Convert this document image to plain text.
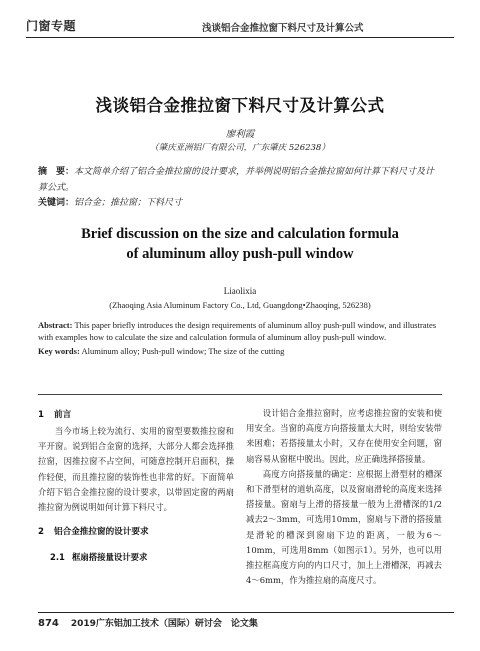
门窗专题	浅谈铝合金推拉窗下料尺寸及计算公式
浅谈铝合金推拉窗下料尺寸及计算公式
廖利霞
（肇庆亚洲铝厂有限公司，广东肇庆 526238）
摘　要：本文简单介绍了铝合金推拉窗的设计要求，并举例说明铝合金推拉窗如何计算下料尺寸及计算公式。
关键词：铝合金；推拉窗；下料尺寸
Brief discussion on the size and calculation formula
of aluminum alloy push-pull window
Liaolixia
(Zhaoqing Asia Aluminum Factory Co., Ltd, Guangdong•Zhaoqing, 526238)
Abstract: This paper briefly introduces the design requirements of aluminum alloy push-pull window, and illustrates with examples how to calculate the size and calculation formula of aluminum alloy push-pull window.
Key words: Aluminum alloy; Push-pull window; The size of the cutting
1 前言

当今市场上较为流行、实用的窗型要数推拉窗和平开窗。说到铝合金窗的选择，大部分人都会选择推拉窗，因推拉窗不占空间，可随意控制开启面积，操作轻便，而且推拉窗的装饰性也非常的好。下面简单介绍下铝合金推拉窗的设计要求，以带固定窗的两扇推拉窗为例说明如何计算下料尺寸。

2 铝合金推拉窗的设计要求
2.1 框扇搭接量设计要求

设计铝合金推拉窗时，应考虑推拉窗的安装和使用安全。当窗的高度方向搭接量太大时，则给安装带来困难；若搭接量太小时，又存在使用安全问题，窗扇容易从窗框中脱出。因此，应正确选择搭接量。

高度方向搭接量的确定：应根据上滑型材的槽深和下滑型材的道轨高度，以及窗扇滑轮的高度来选择搭接量。窗扇与上滑的搭接量一般为上滑槽深的1/2减去2～3mm，可选用10mm，窗扇与下滑的搭接量是滑轮的槽深到窗扇下边的距离，一般为6～10mm，可选用8mm（如图示1）。另外，也可以用推拉框高度方向的内口尺寸，加上上滑槽深，再减去4～6mm，作为推拉扇的高度尺寸。

874 2019广东铝加工技术（国际）研讨会　论文集
